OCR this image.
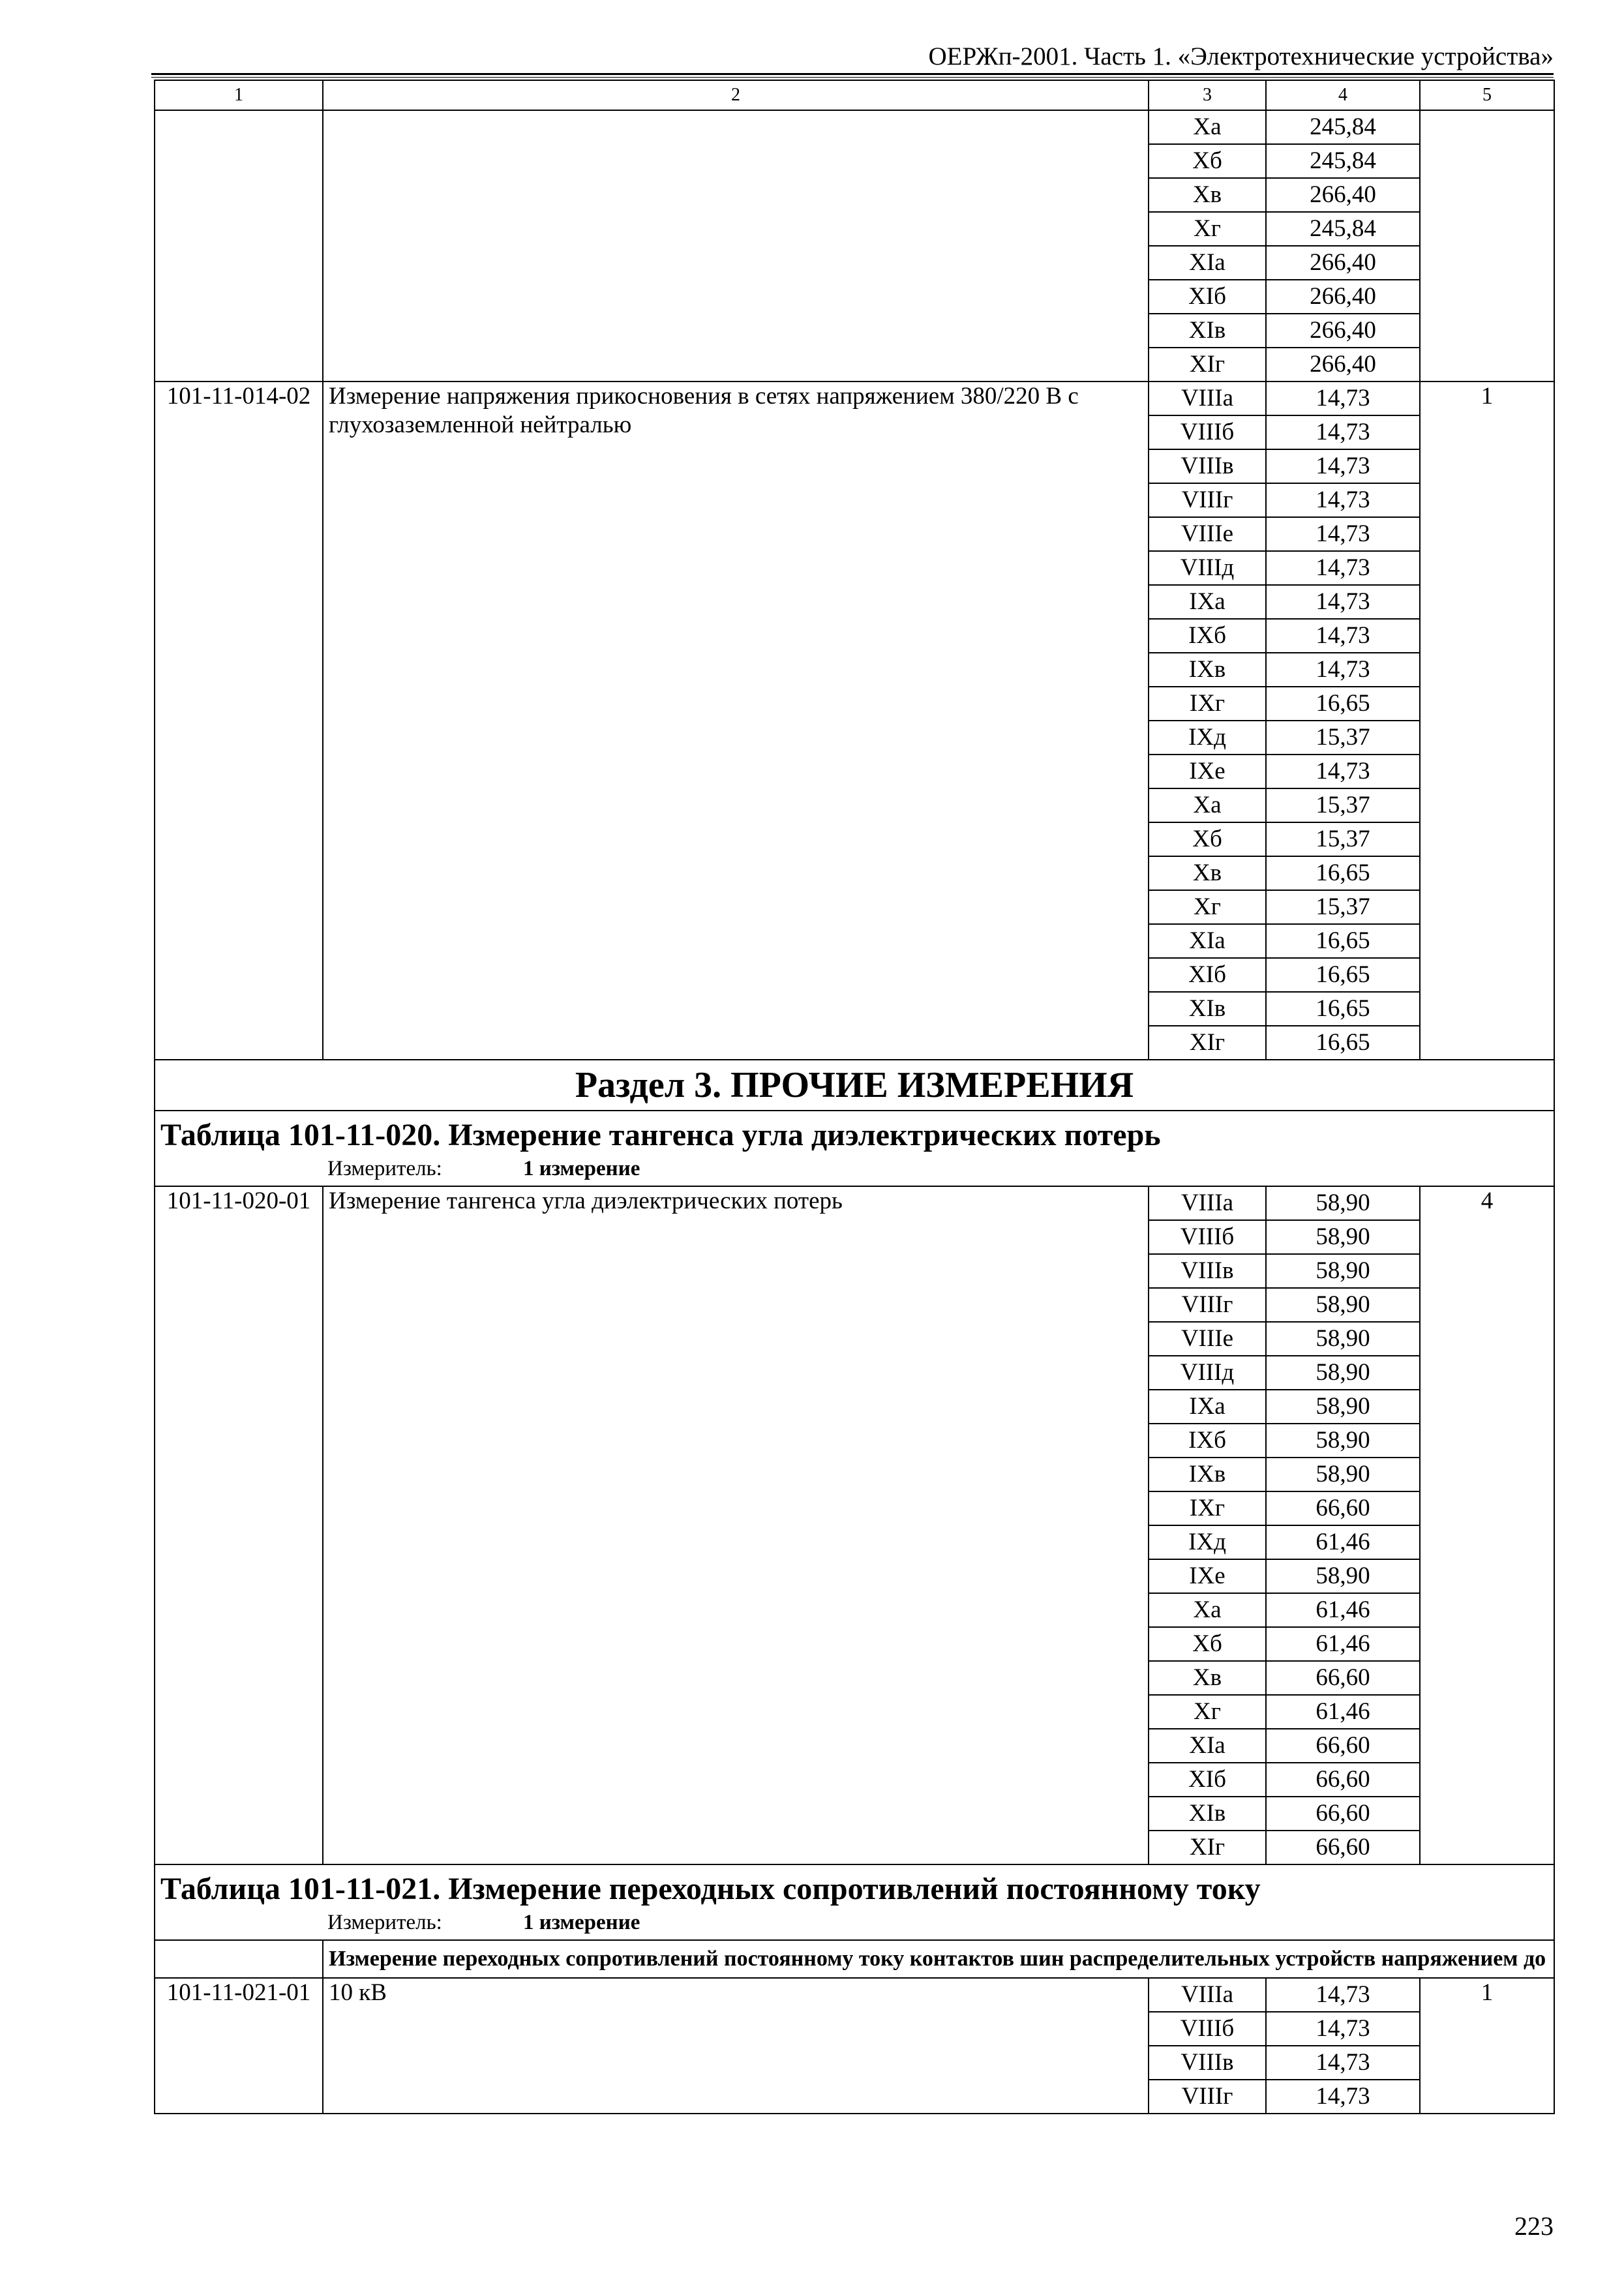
ОЕРЖп-2001. Часть 1. «Электротехнические устройства»
1	2	3	4	5
		Xa	245,84	
		Xб	245,84	
		Xв	266,40	
		Xг	245,84	
		XIa	266,40	
		XIб	266,40	
		XIв	266,40	
		XIг	266,40	
101-11-014-02	Измерение напряжения прикосновения в сетях напряжением 380/220 В с глухозаземленной нейтралью	VIIIa	14,73	1
		VIIIб	14,73	
		VIIIв	14,73	
		VIIIг	14,73	
		VIIIe	14,73	
		VIIIд	14,73	
		IXa	14,73	
		IXб	14,73	
		IXв	14,73	
		IXг	16,65	
		IXд	15,37	
		IXe	14,73	
		Xa	15,37	
		Xб	15,37	
		Xв	16,65	
		Xг	15,37	
		XIa	16,65	
		XIб	16,65	
		XIв	16,65	
		XIг	16,65	
Раздел 3. ПРОЧИЕ ИЗМЕРЕНИЯ				

Таблица 101-11-020. Измерение тангенса угла диэлектрических потерь
Измеритель: 1 измерение				

101-11-020-01	Измерение тангенса угла диэлектрических потерь	VIIIa	58,90	4
		VIIIб	58,90	
		VIIIв	58,90	
		VIIIг	58,90	
		VIIIe	58,90	
		VIIIд	58,90	
		IXa	58,90	
		IXб	58,90	
		IXв	58,90	
		IXг	66,60	
		IXд	61,46	
		IXe	58,90	
		Xa	61,46	
		Xб	61,46	
		Xв	66,60	
		Xг	61,46	
		XIa	66,60	
		XIб	66,60	
		XIв	66,60	
		XIг	66,60	

Таблица 101-11-021. Измерение переходных сопротивлений постоянному току
Измеритель: 1 измерение				

	Измерение переходных сопротивлений постоянному току контактов шин распределительных устройств напряжением до			
101-11-021-01	10 кВ	VIIIa	14,73	1
		VIIIб	14,73	
		VIIIв	14,73	
		VIIIг	14,73	
223
